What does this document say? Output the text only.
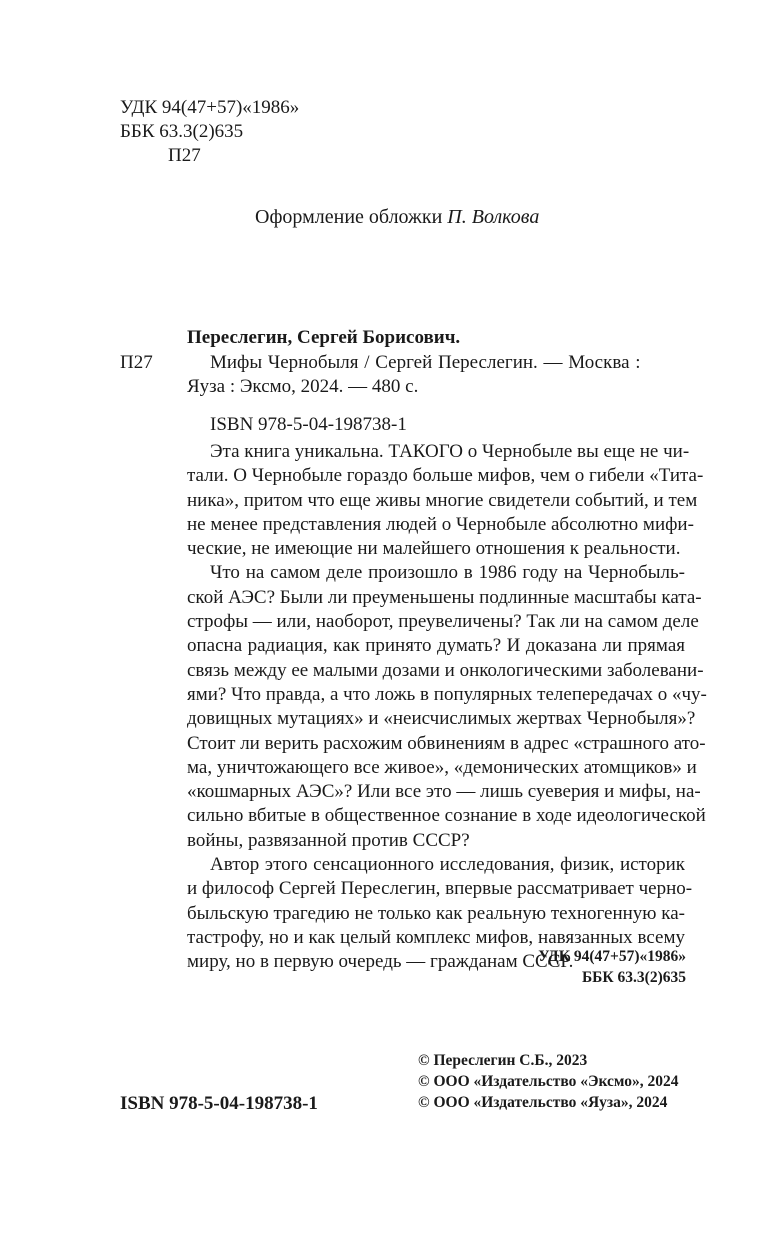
УДК 94(47+57)«1986»
ББК 63.3(2)635
П27
Оформление обложки П. Волкова
Переслегин, Сергей Борисович.
П27	Мифы Чернобыля / Сергей Переслегин. — Москва :
Яуза : Эксмо, 2024. — 480 с.
ISBN 978-5-04-198738-1
Эта книга уникальна. ТАКОГО о Чернобыле вы еще не чи-
тали. О Чернобыле гораздо больше мифов, чем о гибели «Тита-
ника», притом что еще живы многие свидетели событий, и тем
не менее представления людей о Чернобыле абсолютно мифи-
ческие, не имеющие ни малейшего отношения к реальности.
Что на самом деле произошло в 1986 году на Чернобыль-
ской АЭС? Были ли преуменьшены подлинные масштабы ката-
строфы — или, наоборот, преувеличены? Так ли на самом деле
опасна радиация, как принято думать? И доказана ли прямая
связь между ее малыми дозами и онкологическими заболевани-
ями? Что правда, а что ложь в популярных телепередачах о «чу-
довищных мутациях» и «неисчислимых жертвах Чернобыля»?
Стоит ли верить расхожим обвинениям в адрес «страшного ато-
ма, уничтожающего все живое», «демонических атомщиков» и
«кошмарных АЭС»? Или все это — лишь суеверия и мифы, на-
сильно вбитые в общественное сознание в ходе идеологической
войны, развязанной против СССР?
Автор этого сенсационного исследования, физик, историк
и философ Сергей Переслегин, впервые рассматривает черно-
быльскую трагедию не только как реальную техногенную ка-
тастрофу, но и как целый комплекс мифов, навязанных всему
миру, но в первую очередь — гражданам СССР.
УДК 94(47+57)«1986»
ББК 63.3(2)635
© Переслегин С.Б., 2023
© ООО «Издательство «Эксмо», 2024
© ООО «Издательство «Яуза», 2024
ISBN 978-5-04-198738-1
